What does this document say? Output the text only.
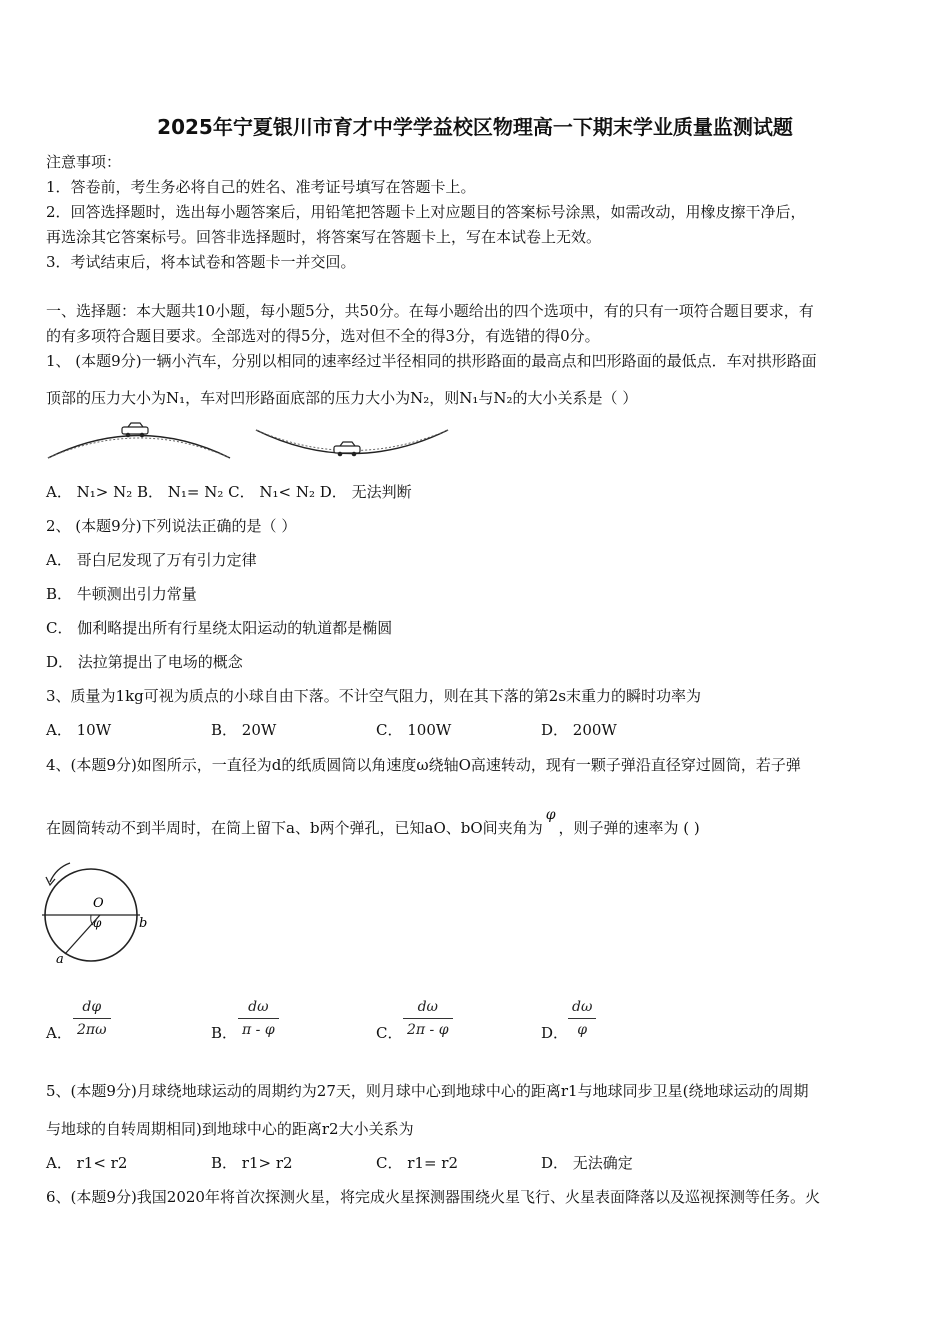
2025年宁夏银川市育才中学学益校区物理高一下期末学业质量监测试题
注意事项：
1．答卷前，考生务必将自己的姓名、准考证号填写在答题卡上。
2．回答选择题时，选出每小题答案后，用铅笔把答题卡上对应题目的答案标号涂黑，如需改动，用橡皮擦干净后，
再选涂其它答案标号。回答非选择题时，将答案写在答题卡上，写在本试卷上无效。
3．考试结束后，将本试卷和答题卡一并交回。
一、选择题：本大题共10小题，每小题5分，共50分。在每小题给出的四个选项中，有的只有一项符合题目要求，有
的有多项符合题目要求。全部选对的得5分，选对但不全的得3分，有选错的得0分。
1、 (本题9分)一辆小汽车，分别以相同的速率经过半径相同的拱形路面的最高点和凹形路面的最低点．车对拱形路面
顶部的压力大小为N₁，车对凹形路面底部的压力大小为N₂，则N₁与N₂的大小关系是（ ）
A． N₁> N₂ B． N₁= N₂ C． N₁< N₂ D． 无法判断
2、 (本题9分)下列说法正确的是（ ）
A． 哥白尼发现了万有引力定律
B． 牛顿测出引力常量
C． 伽利略提出所有行星绕太阳运动的轨道都是椭圆
D． 法拉第提出了电场的概念
3、质量为1kg可视为质点的小球自由下落。不计空气阻力，则在其下落的第2s末重力的瞬时功率为
A． 10W	B． 20W	C． 100W	D． 200W
4、(本题9分)如图所示，一直径为d的纸质圆筒以角速度ω绕轴O高速转动，现有一颗子弹沿直径穿过圆筒，若子弹
在圆筒转动不到半周时，在筒上留下a、b两个弹孔，已知aO、bO间夹角为φ，则子弹的速率为 ( )
O
φ
a
b
A． $\frac{d\varphi}{2\pi\omega}$	B． $\frac{d\omega}{\pi - \varphi}$	C． $\frac{d\omega}{2\pi - \varphi}$	D． $\frac{d\omega}{\varphi}$
5、(本题9分)月球绕地球运动的周期约为27天，则月球中心到地球中心的距离r1与地球同步卫星(绕地球运动的周期
与地球的自转周期相同)到地球中心的距离r2大小关系为
A． r1< r2	B． r1> r2	C． r1= r2	D． 无法确定
6、(本题9分)我国2020年将首次探测火星，将完成火星探测器围绕火星飞行、火星表面降落以及巡视探测等任务。火
